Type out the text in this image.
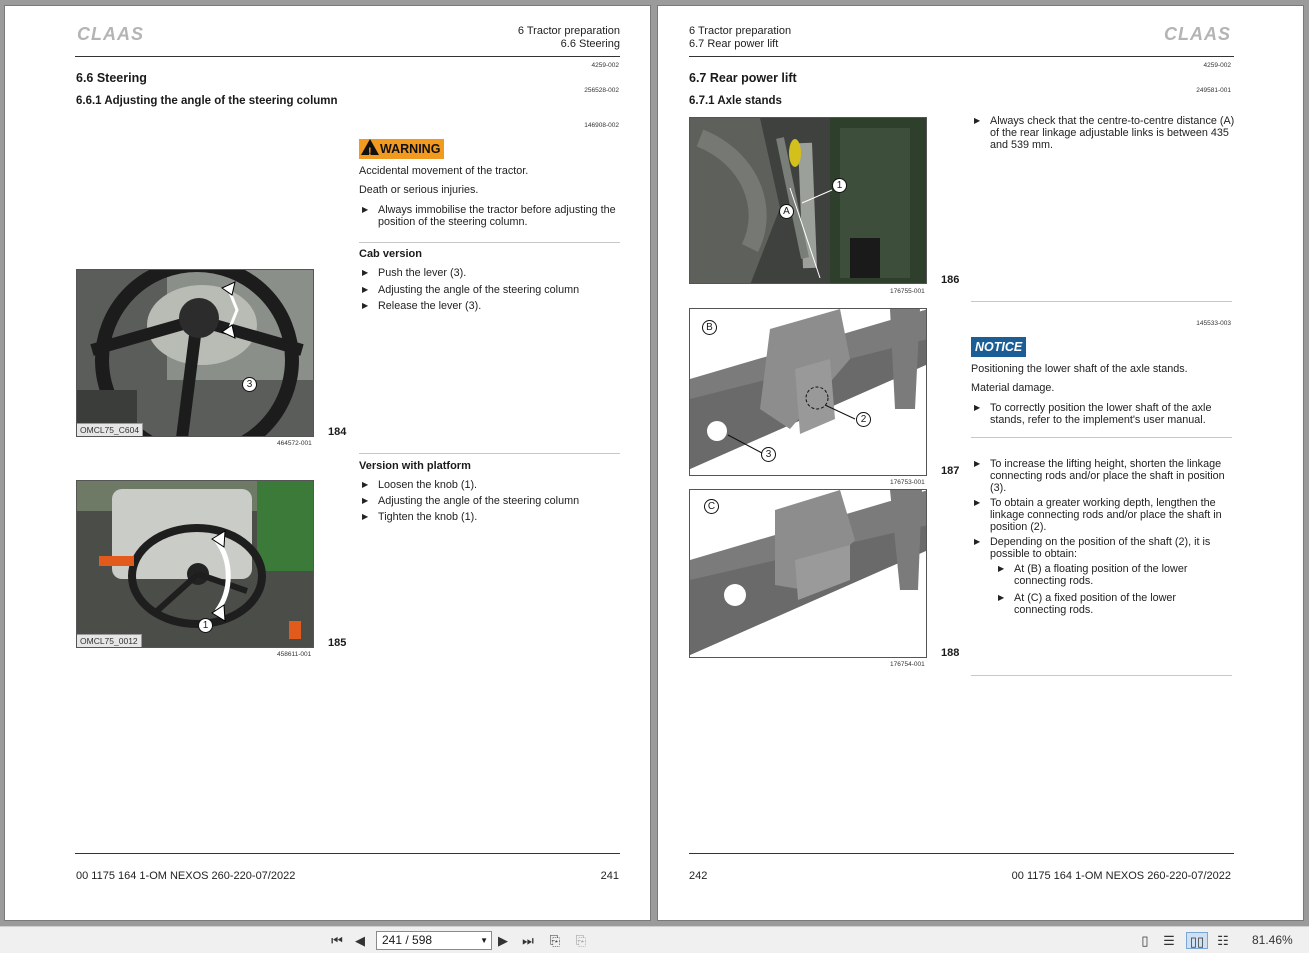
CLAAS	6 Tractor preparation
6.6 Steering
4259-002
6.6 Steering
256528-002
6.6.1 Adjusting the angle of the steering column
146908-002
! WARNING
Accidental movement of the tractor.
Death or serious injuries.
▶ Always immobilise the tractor before adjusting the position of the steering column.
Cab version
▶ Push the lever (3).
▶ Adjusting the angle of the steering column
▶ Release the lever (3).
3
OMCL75_C604	184
464572-001
Version with platform
▶ Loosen the knob (1).
▶ Adjusting the angle of the steering column
▶ Tighten the knob (1).
1
OMCL75_0012	185
458611-001
00 1175 164 1-OM NEXOS 260-220-07/2022	241
6 Tractor preparation
6.7 Rear power lift	CLAAS
4259-002
6.7 Rear power lift
249581-001
6.7.1 Axle stands
1
A
176755-001
186
▶ Always check that the centre-to-centre distance (A) of the rear linkage adjustable links is between 435 and 539 mm.
145533-003
B
2
3
176753-001
187
C
176754-001
188
NOTICE
Positioning the lower shaft of the axle stands.
Material damage.
▶ To correctly position the lower shaft of the axle stands, refer to the implement's user manual.
▶ To increase the lifting height, shorten the linkage connecting rods and/or place the shaft in position (3).
▶ To obtain a greater working depth, lengthen the linkage connecting rods and/or place the shaft in position (2).
▶ Depending on the position of the shaft (2), it is possible to obtain:
▶ At (B) a floating position of the lower connecting rods.
▶ At (C) a fixed position of the lower connecting rods.
242	00 1175 164 1-OM NEXOS 260-220-07/2022
⏮ ◀	241 / 598	▼ ▶ ⏭ ⎘ ⎘	▯	☰ ▯▯ ☷ 81.46%
